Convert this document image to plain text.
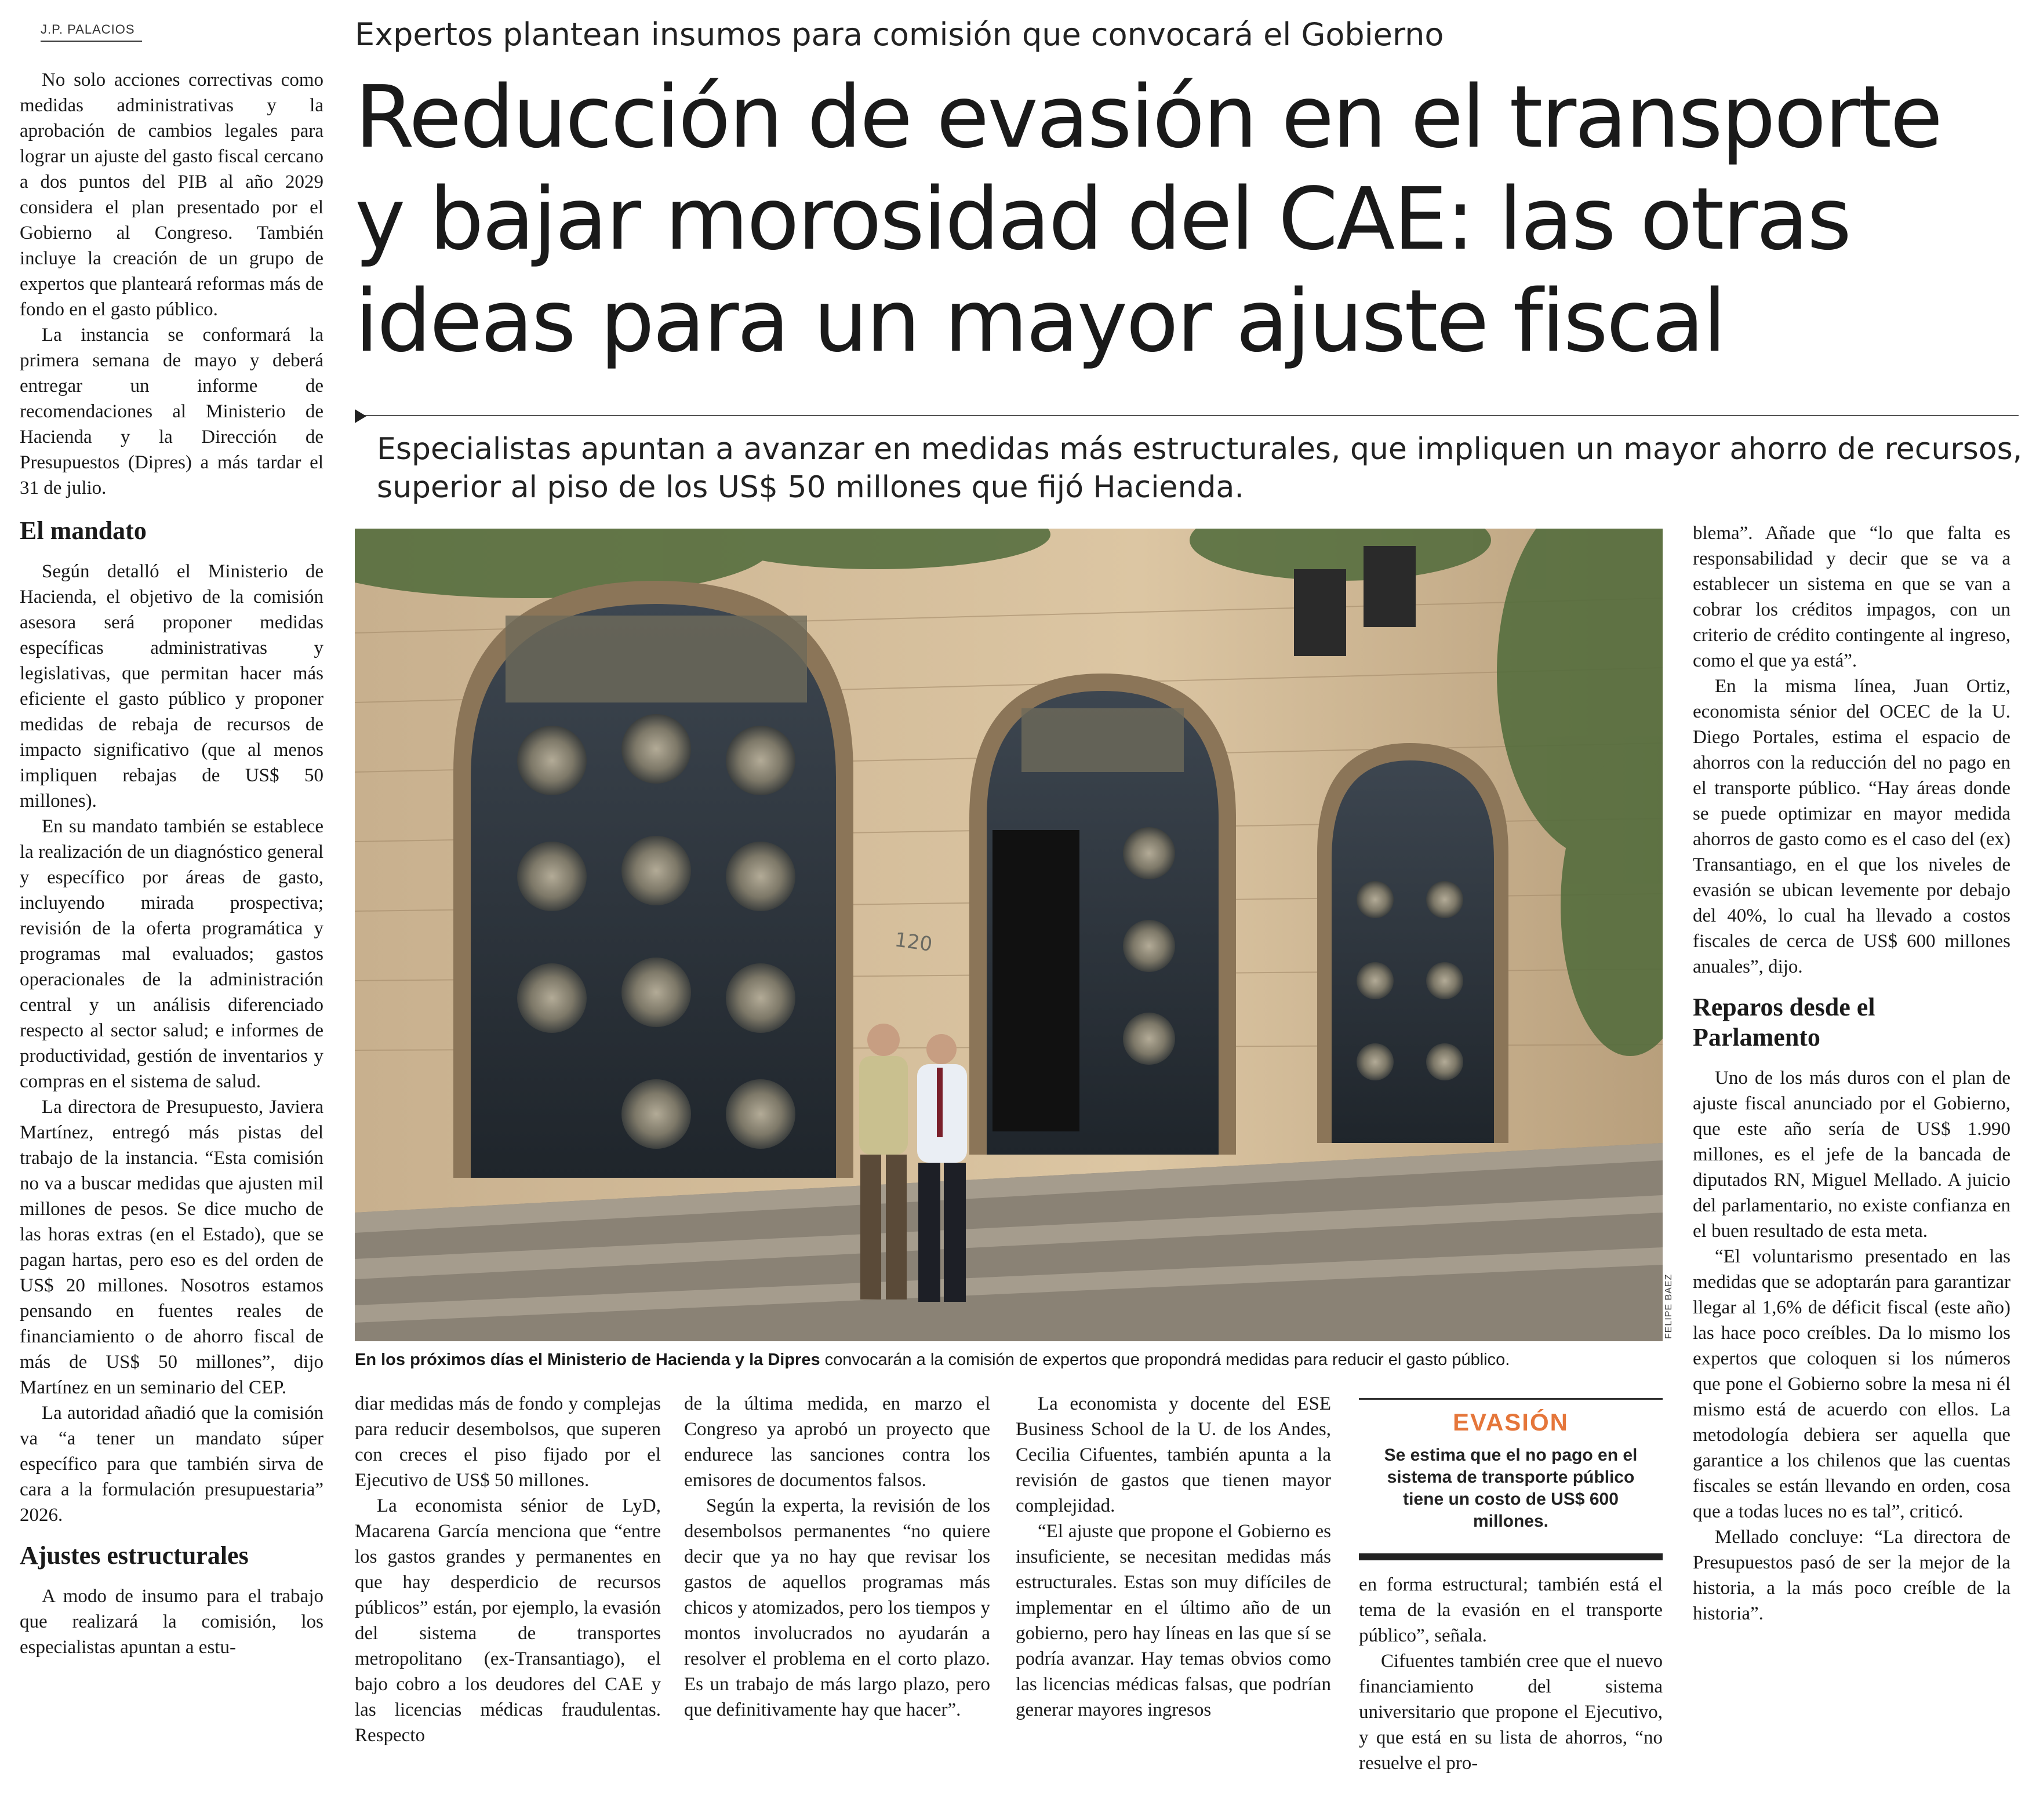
J.P. PALACIOS	Expertos plantean insumos para comisión que convocará el Gobierno
Reducción de evasión en el transporte
y bajar morosidad del CAE: las otras
ideas para un mayor ajuste fiscal
Especialistas apuntan a avanzar en medidas más estructurales, que impliquen un mayor ahorro de recursos,
superior al piso de los US$ 50 millones que fijó Hacienda.
120
FELIPE BAEZ
En los próximos días el Ministerio de Hacienda y la Dipres convocarán a la comisión de expertos que propondrá medidas para reducir el gasto público.

No solo acciones correctivas como medidas administrativas y la aprobación de cambios legales para lograr un ajuste del gasto fiscal cercano a dos puntos del PIB al año 2029 considera el plan presentado por el Gobierno al Congreso. También incluye la creación de un grupo de expertos que planteará reformas más de fondo en el gasto público.

La instancia se conformará la primera semana de mayo y deberá entregar un informe de recomendaciones al Ministerio de Hacienda y la Dirección de Presupuestos (Dipres) a más tardar el 31 de julio.

El mandato

Según detalló el Ministerio de Hacienda, el objetivo de la comisión asesora será proponer medidas específicas administrativas y legislativas, que permitan hacer más eficiente el gasto público y proponer medidas de rebaja de recursos de impacto significativo (que al menos impliquen rebajas de US$ 50 millones).

En su mandato también se establece la realización de un diagnóstico general y específico por áreas de gasto, incluyendo mirada prospectiva; revisión de la oferta programática y programas mal evaluados; gastos operacionales de la administración central y un análisis diferenciado respecto al sector salud; e informes de productividad, gestión de inventarios y compras en el sistema de salud.

La directora de Presupuesto, Javiera Martínez, entregó más pistas del trabajo de la instancia. “Esta comisión no va a buscar medidas que ajusten mil millones de pesos. Se dice mucho de las horas extras (en el Estado), que se pagan hartas, pero eso es del orden de US$ 20 millones. Nosotros estamos pensando en fuentes reales de financiamiento o de ahorro fiscal de más de US$ 50 millones”, dijo Martínez en un seminario del CEP.

La autoridad añadió que la comisión va “a tener un mandato súper específico para que también sirva de cara a la formulación presupuestaria” 2026.

Ajustes estructurales

A modo de insumo para el trabajo que realizará la comisión, los especialistas apuntan a estu-

diar medidas más de fondo y complejas para reducir desembolsos, que superen con creces el piso fijado por el Ejecutivo de US$ 50 millones.

La economista sénior de LyD, Macarena García menciona que “entre los gastos grandes y permanentes en que hay desperdicio de recursos públicos” están, por ejemplo, la evasión del sistema de transportes metropolitano (ex-Transantiago), el bajo cobro a los deudores del CAE y las licencias médicas fraudulentas. Respecto

de la última medida, en marzo el Congreso ya aprobó un proyecto que endurece las sanciones contra los emisores de documentos falsos.

Según la experta, la revisión de los desembolsos permanentes “no quiere decir que ya no hay que revisar los gastos de aquellos programas más chicos y atomizados, pero los tiempos y montos involucrados no ayudarán a resolver el problema en el corto plazo. Es un trabajo de más largo plazo, pero que definitivamente hay que hacer”.

La economista y docente del ESE Business School de la U. de los Andes, Cecilia Cifuentes, también apunta a la revisión de gastos que tienen mayor complejidad.

“El ajuste que propone el Gobierno es insuficiente, se necesitan medidas más estructurales. Estas son muy difíciles de implementar en el último año de un gobierno, pero hay líneas en las que sí se podría avanzar. Hay temas obvios como las licencias médicas falsas, que podrían generar mayores ingresos

EVASIÓN
Se estima que el no pago en el sistema de transporte público tiene un costo de US$ 600 millones.

en forma estructural; también está el tema de la evasión en el transporte público”, señala.

Cifuentes también cree que el nuevo financiamiento del sistema universitario que propone el Ejecutivo, y que está en su lista de ahorros, “no resuelve el pro-

blema”. Añade que “lo que falta es responsabilidad y decir que se va a establecer un sistema en que se van a cobrar los créditos impagos, con un criterio de crédito contingente al ingreso, como el que ya está”.

En la misma línea, Juan Ortiz, economista sénior del OCEC de la U. Diego Portales, estima el espacio de ahorros con la reducción del no pago en el transporte público. “Hay áreas donde se puede optimizar en mayor medida ahorros de gasto como es el caso del (ex) Transantiago, en el que los niveles de evasión se ubican levemente por debajo del 40%, lo cual ha llevado a costos fiscales de cerca de US$ 600 millones anuales”, dijo.

Reparos desde el Parlamento

Uno de los más duros con el plan de ajuste fiscal anunciado por el Gobierno, que este año sería de US$ 1.990 millones, es el jefe de la bancada de diputados RN, Miguel Mellado. A juicio del parlamentario, no existe confianza en el buen resultado de esta meta.

“El voluntarismo presentado en las medidas que se adoptarán para garantizar llegar al 1,6% de déficit fiscal (este año) las hace poco creíbles. Da lo mismo los expertos que coloquen si los números que pone el Gobierno sobre la mesa ni él mismo está de acuerdo con ellos. La metodología debiera ser aquella que garantice a los chilenos que las cuentas fiscales se están llevando en orden, cosa que a todas luces no es tal”, criticó.

Mellado concluye: “La directora de Presupuestos pasó de ser la mejor de la historia, a la más poco creíble de la historia”.
